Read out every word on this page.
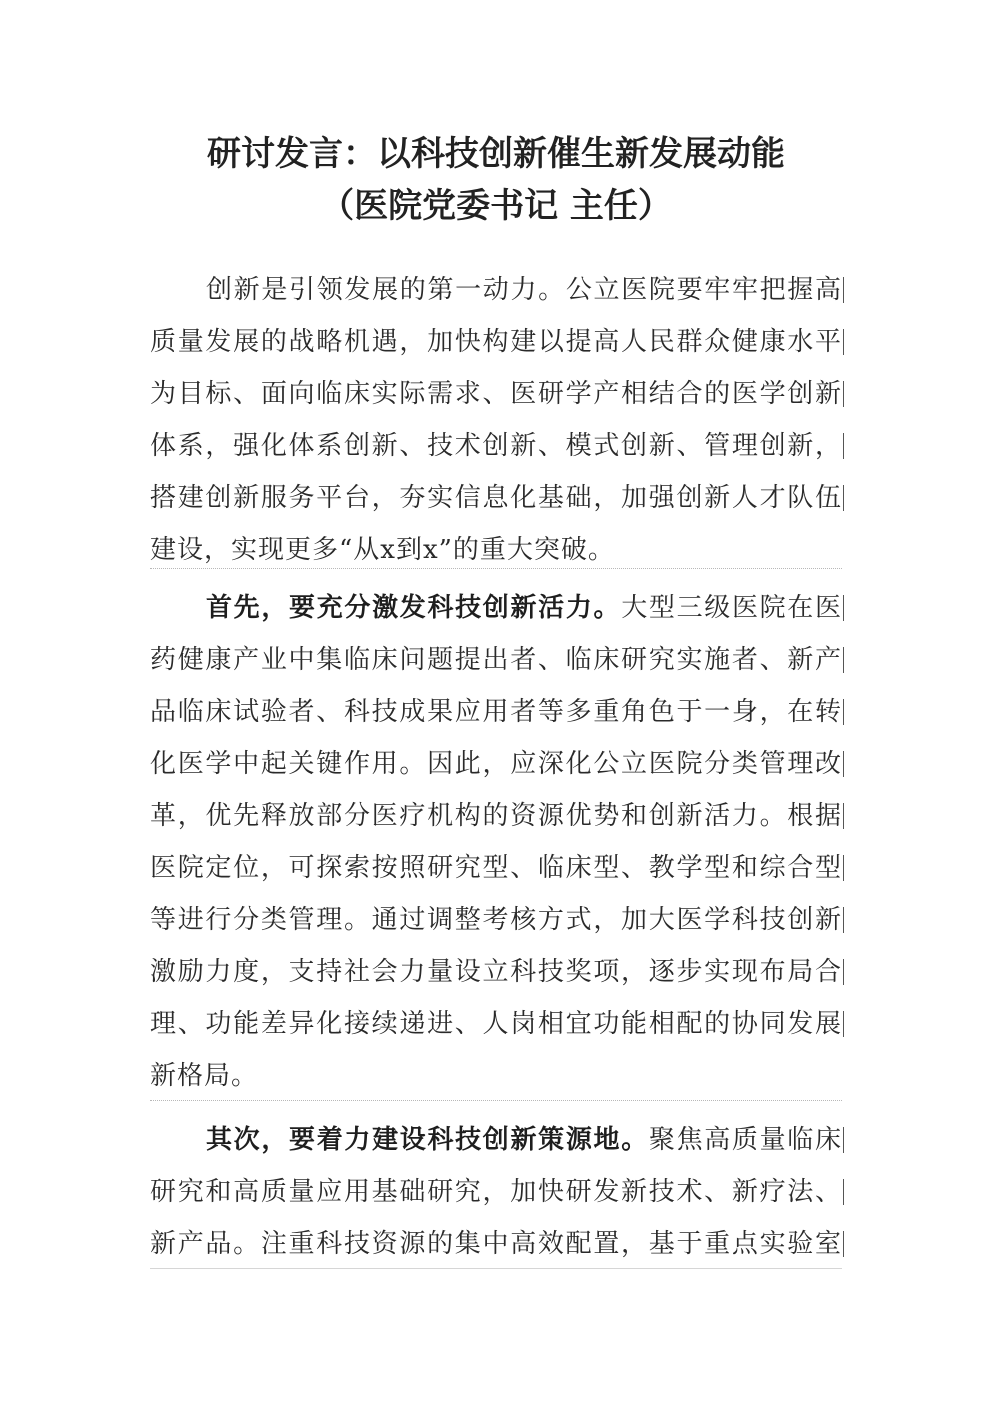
研讨发言：以科技创新催生新发展动能
（医院党委书记 主任）
创新是引领发展的第一动力。公立医院要牢牢把握高
质量发展的战略机遇，加快构建以提高人民群众健康水平
为目标、面向临床实际需求、医研学产相结合的医学创新
体系，强化体系创新、技术创新、模式创新、管理创新，
搭建创新服务平台，夯实信息化基础，加强创新人才队伍
建设，实现更多“从x到x”的重大突破。
首先，要充分激发科技创新活力。大型三级医院在医
药健康产业中集临床问题提出者、临床研究实施者、新产
品临床试验者、科技成果应用者等多重角色于一身，在转
化医学中起关键作用。因此，应深化公立医院分类管理改
革，优先释放部分医疗机构的资源优势和创新活力。根据
医院定位，可探索按照研究型、临床型、教学型和综合型
等进行分类管理。通过调整考核方式，加大医学科技创新
激励力度，支持社会力量设立科技奖项，逐步实现布局合
理、功能差异化接续递进、人岗相宜功能相配的协同发展
新格局。
其次，要着力建设科技创新策源地。聚焦高质量临床
研究和高质量应用基础研究，加快研发新技术、新疗法、
新产品。注重科技资源的集中高效配置，基于重点实验室
